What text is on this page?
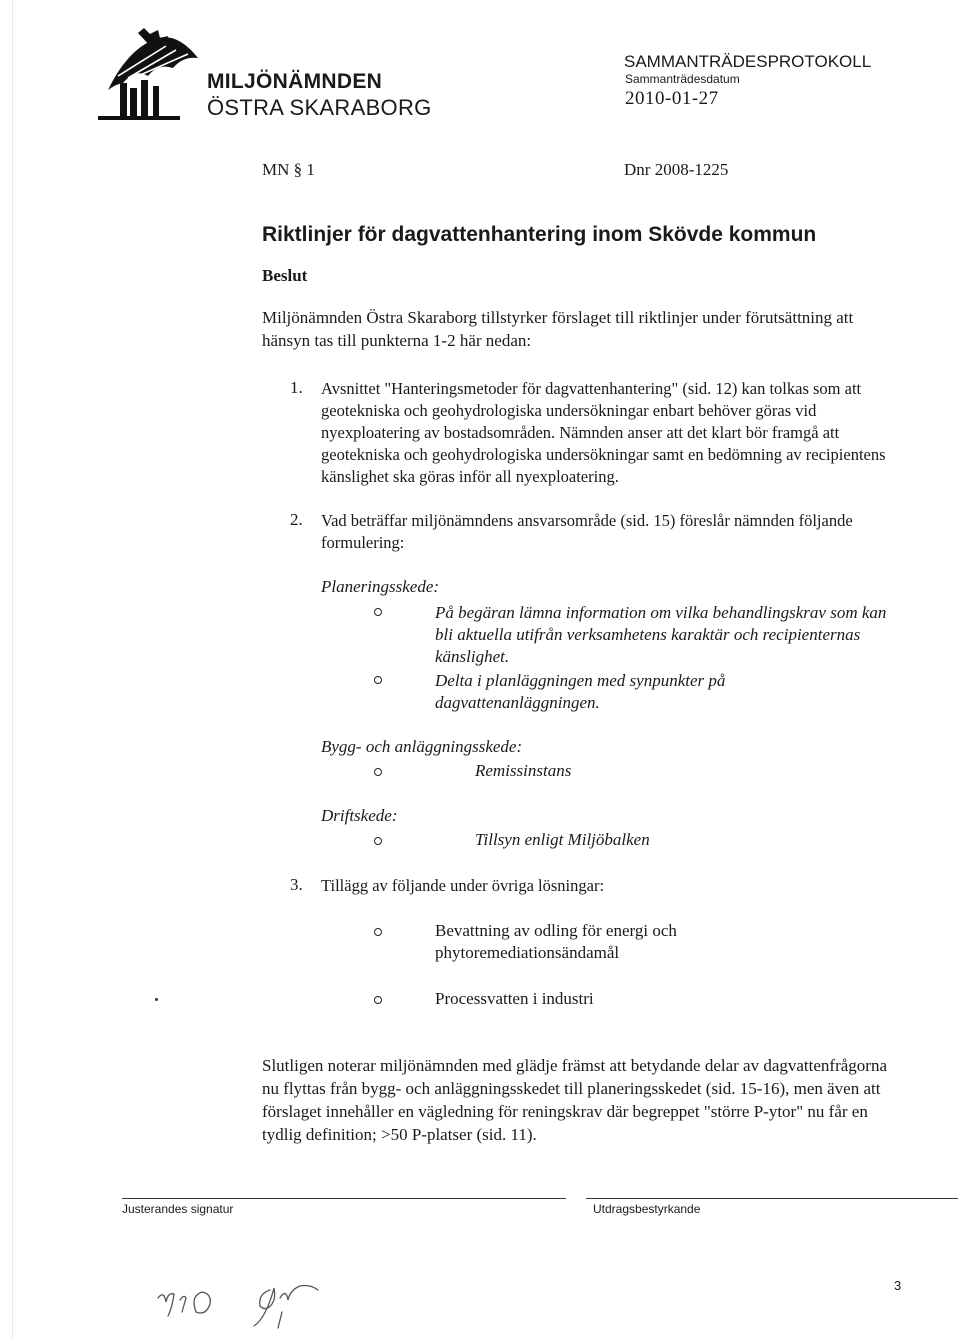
MILJÖNÄMNDEN
ÖSTRA SKARABORG
SAMMANTRÄDESPROTOKOLL
Sammanträdesdatum
2010-01-27
MN § 1	Dnr 2008-1225
Riktlinjer för dagvattenhantering inom Skövde kommun
Beslut

Miljönämnden Östra Skaraborg tillstyrker förslaget till riktlinjer under förutsättning att hänsyn tas till punkterna 1-2 här nedan:

1. Avsnittet "Hanteringsmetoder för dagvattenhantering" (sid. 12) kan tolkas som att geotekniska och geohydrologiska undersökningar enbart behöver göras vid nyexploatering av bostadsområden. Nämnden anser att det klart bör framgå att geotekniska och geohydrologiska undersökningar samt en bedömning av recipientens känslighet ska göras inför all nyexploatering.

2. Vad beträffar miljönämndens ansvarsområde (sid. 15) föreslår nämnden följande formulering:

Planeringsskede:

På begäran lämna information om vilka behandlingskrav som kan bli aktuella utifrån verksamhetens karaktär och recipienternas känslighet.

Delta i planläggningen med synpunkter på dagvattenanläggningen.

Bygg- och anläggningsskede:
Remissinstans
Driftskede:
Tillsyn enligt Miljöbalken
3. Tillägg av följande under övriga lösningar:

Bevattning av odling för energi och phytoremediationsändamål

Processvatten i industri

Slutligen noterar miljönämnden med glädje främst att betydande delar av dagvattenfrågorna nu flyttas från bygg- och anläggningsskedet till planeringsskedet (sid. 15-16), men även att förslaget innehåller en vägledning för reningskrav där begreppet "större P-ytor" nu får en tydlig definition; >50 P-platser (sid. 11).

Justerandes signatur	Utdragsbestyrkande
3
